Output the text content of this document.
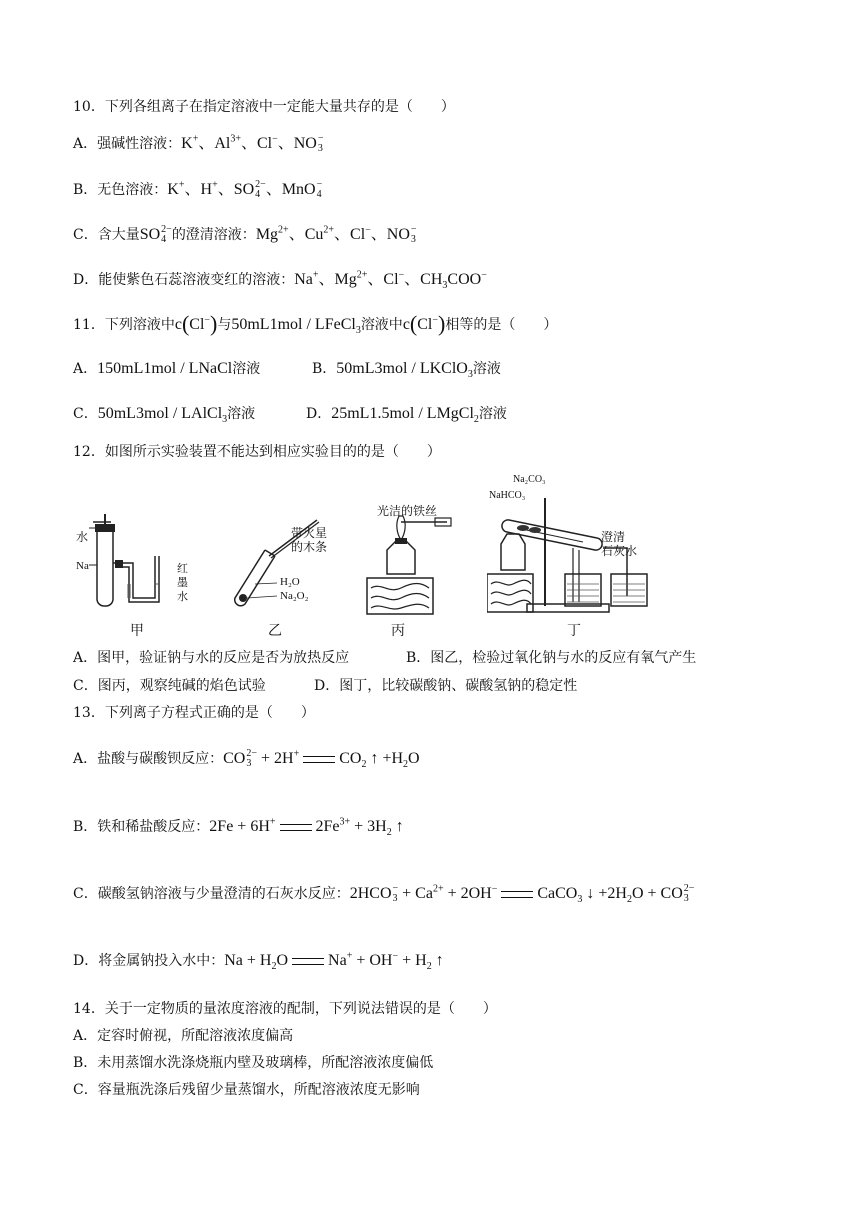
10．下列各组离子在指定溶液中一定能大量共存的是（　　）
A．强碱性溶液：K+、$Al^{3+}$、Cl−、NO −
3
B．无色溶液：K+、H+、SO 2−
4 、MnO −
4
C．含大量SO 2−
4 的澄清溶液：$Mg^{2+}$、$Cu^{2+}$、Cl−、NO −
3
D．能使紫色石蕊溶液变红的溶液：Na+、$Mg^{2+}$、Cl−、$CH_3COO^-$
11．下列溶液中c(Cl−)与50mL1mol / LFeCl$_3$溶液中c(Cl−)相等的是（　　）
A．150mL1mol / LNaCl溶液	B．50mL3mol / LKClO$_3$溶液
C．50mL3mol / LAlCl$_3$溶液	D．25mL1.5mol / LMgCl$_2$溶液
12．如图所示实验装置不能达到相应实验目的的是（　　）
水
Na	红
墨
水
甲
带火星
的木条
H₂O
Na₂O₂
乙
光洁的铁丝
丙
Na₂CO₃
NaHCO₃
澄清
石灰水
丁
A．图甲，验证钠与水的反应是否为放热反应	B．图乙，检验过氧化钠与水的反应有氧气产生
C．图丙，观察纯碱的焰色试验	D．图丁，比较碳酸钠、碳酸氢钠的稳定性
13．下列离子方程式正确的是（　　）
A．盐酸与碳酸钡反应：CO 2−
3 + 2H+	$CO_2$ ↑ $+H_2O$
B．铁和稀盐酸反应：2Fe + 6H+	$2Fe^{3+} + 3H_2$ ↑
C．碳酸氢钠溶液与少量澄清的石灰水反应：2HCO −
$3 + Ca^{2+} + 2OH^-$	CaCO$_3$ ↓ $+2H_2O$ + CO 2−
3
D．将金属钠投入水中：$Na + H_2O$	$Na^+ + OH^- + H_2$ ↑
14．关于一定物质的量浓度溶液的配制，下列说法错误的是（　　）
A．定容时俯视，所配溶液浓度偏高
B．未用蒸馏水洗涤烧瓶内壁及玻璃棒，所配溶液浓度偏低
C．容量瓶洗涤后残留少量蒸馏水，所配溶液浓度无影响
